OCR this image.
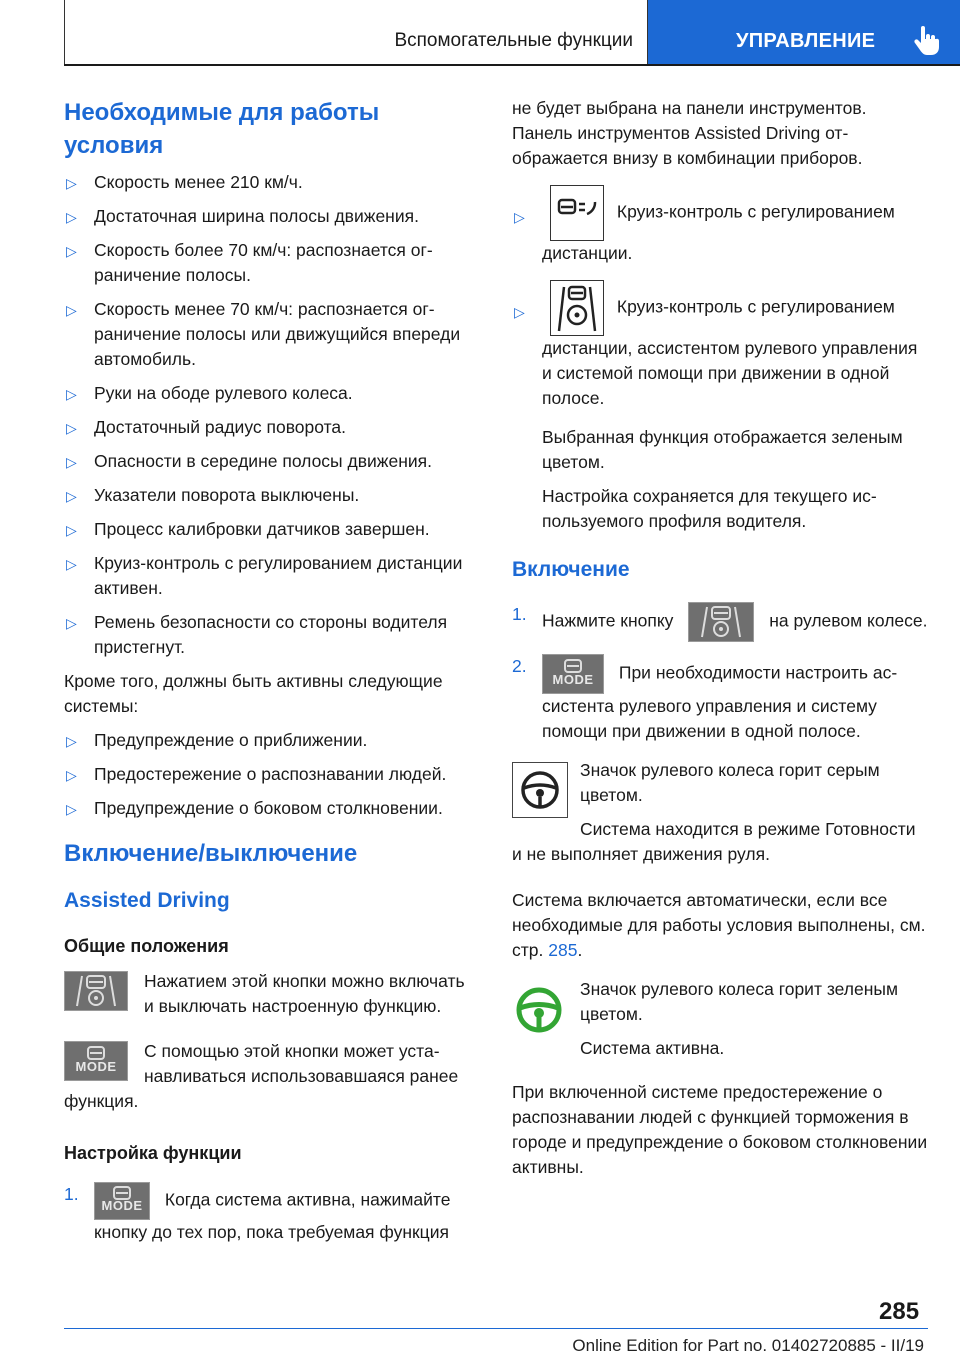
Вспомогательные функции	УПРАВЛЕНИЕ
Необходимые для работы условия
▷ Скорость менее 210 км/ч.
▷ Достаточная ширина полосы движения.
▷ Скорость более 70 км/ч: распознается ограничение полосы.
▷ Скорость менее 70 км/ч: распознается ограничение полосы или движущийся впереди автомобиль.
▷ Руки на ободе рулевого колеса.
▷ Достаточный радиус поворота.
▷ Опасности в середине полосы движения.
▷ Указатели поворота выключены.
▷ Процесс калибровки датчиков завершен.
▷ Круиз-контроль с регулированием дистанции активен.
▷ Ремень безопасности со стороны водителя пристегнут.

Кроме того, должны быть активны следующие системы:

▷ Предупреждение о приближении.
▷ Предостережение о распознавании людей.
▷ Предупреждение о боковом столкновении.
Включение/выключение
Assisted Driving
Общие положения
Нажатием этой кнопки можно включать и выключать настроенную функцию.
MODE
С помощью этой кнопки может устанавливаться использовавшаяся ранее функция.
Настройка функции
1.
MODE	Когда система активна, нажимайте кнопку до тех пор, пока требуемая функция

не будет выбрана на панели инструментов. Панель инструментов Assisted Driving отображается внизу в комбинации приборов.

▷	Круиз-контроль с регулированием дистанции.
▷	Круиз-контроль с регулированием дистанции, ассистентом рулевого управления и системой помощи при движении в одной полосе.

Выбранная функция отображается зеленым цветом.

Настройка сохраняется для текущего используемого профиля водителя.

Включение
1. Нажмите кнопку	на рулевом колесе.
2.
MODE	При необходимости настроить ассистента рулевого управления и систему помощи при движении в одной полосе.

Значок рулевого колеса горит серым цветом.

Система находится в режиме Готовности и не выполняет движения руля.

Система включается автоматически, если все необходимые для работы условия выполнены, см. стр. 285.

Значок рулевого колеса горит зеленым цветом.

Система активна.

При включенной системе предостережение о распознавании людей с функцией торможения в городе и предупреждение о боковом столкновении активны.

285
Online Edition for Part no. 01402720885 - II/19
